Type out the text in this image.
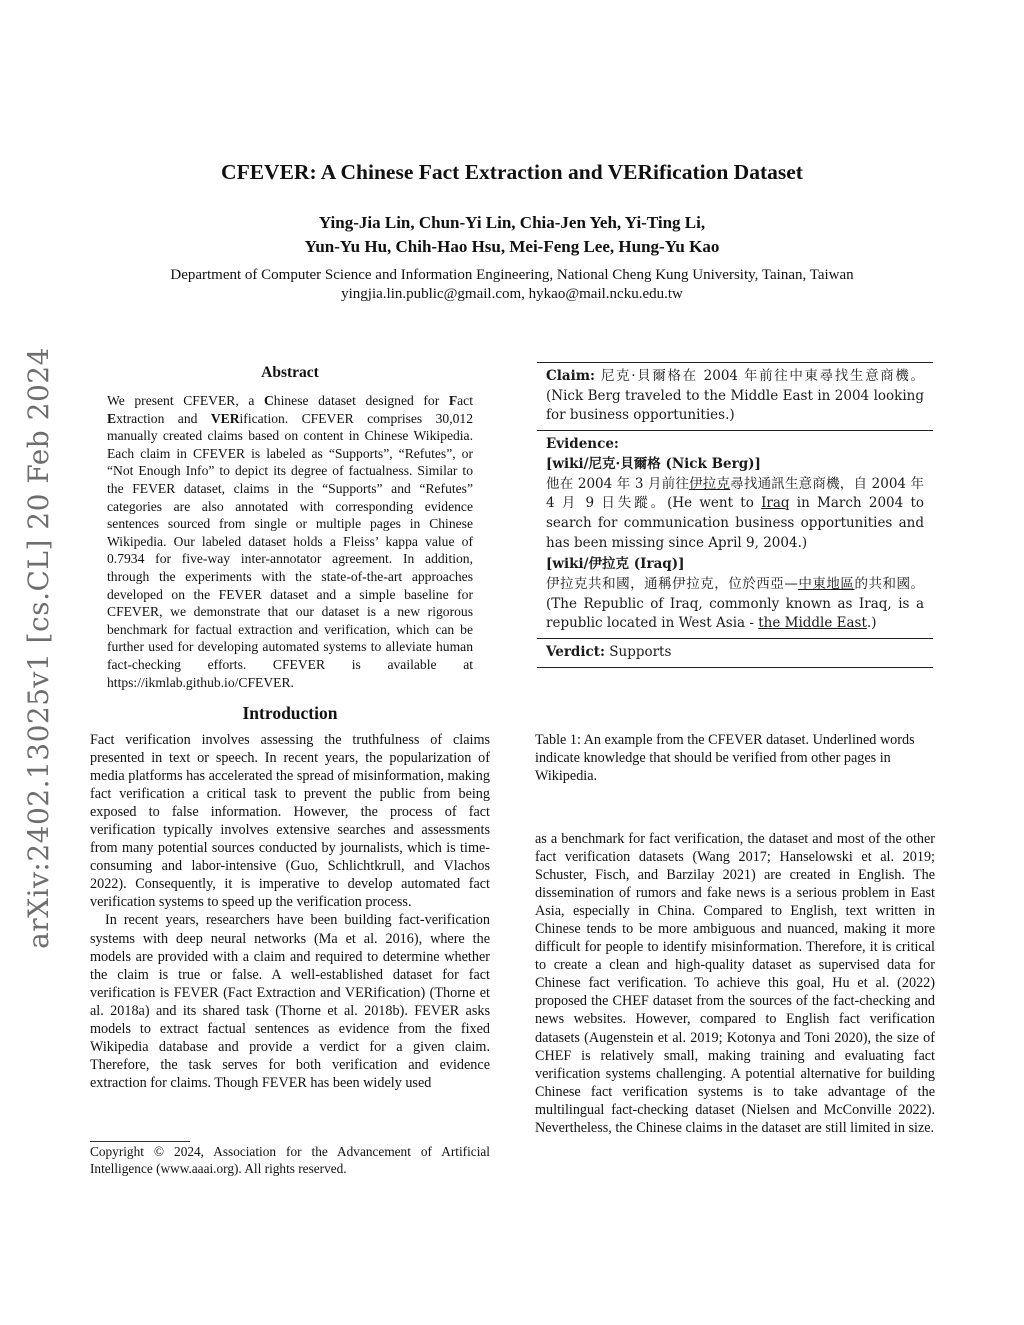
arXiv:2402.13025v1 [cs.CL] 20 Feb 2024
CFEVER: A Chinese Fact Extraction and VERification Dataset
Ying-Jia Lin, Chun-Yi Lin, Chia-Jen Yeh, Yi-Ting Li,
Yun-Yu Hu, Chih-Hao Hsu, Mei-Feng Lee, Hung-Yu Kao
Department of Computer Science and Information Engineering, National Cheng Kung University, Tainan, Taiwan
yingjia.lin.public@gmail.com, hykao@mail.ncku.edu.tw
Abstract
We present CFEVER, a Chinese dataset designed for Fact Extraction and VERification. CFEVER comprises 30,012 manually created claims based on content in Chinese Wikipedia. Each claim in CFEVER is labeled as “Supports”, “Refutes”, or “Not Enough Info” to depict its degree of factualness. Similar to the FEVER dataset, claims in the “Supports” and “Refutes” categories are also annotated with corresponding evidence sentences sourced from single or multiple pages in Chinese Wikipedia. Our labeled dataset holds a Fleiss’ kappa value of 0.7934 for five-way inter-annotator agreement. In addition, through the experiments with the state-of-the-art approaches developed on the FEVER dataset and a simple baseline for CFEVER, we demonstrate that our dataset is a new rigorous benchmark for factual extraction and verification, which can be further used for developing automated systems to alleviate human fact-checking efforts. CFEVER is available at https://ikmlab.github.io/CFEVER.
Introduction

Fact verification involves assessing the truthfulness of claims presented in text or speech. In recent years, the popularization of media platforms has accelerated the spread of misinformation, making fact verification a critical task to prevent the public from being exposed to false information. However, the process of fact verification typically involves extensive searches and assessments from many potential sources conducted by journalists, which is time-consuming and labor-intensive (Guo, Schlichtkrull, and Vlachos 2022). Consequently, it is imperative to develop automated fact verification systems to speed up the verification process.

In recent years, researchers have been building fact-verification systems with deep neural networks (Ma et al. 2016), where the models are provided with a claim and required to determine whether the claim is true or false. A well-established dataset for fact verification is FEVER (Fact Extraction and VERification) (Thorne et al. 2018a) and its shared task (Thorne et al. 2018b). FEVER asks models to extract factual sentences as evidence from the fixed Wikipedia database and provide a verdict for a given claim. Therefore, the task serves for both verification and evidence extraction for claims. Though FEVER has been widely used

Copyright © 2024, Association for the Advancement of Artificial Intelligence (www.aaai.org). All rights reserved.
Claim: 尼克·貝爾格在 2004 年前往中東尋找生意商機。(Nick Berg traveled to the Middle East in 2004 looking for business opportunities.)
Evidence:
[wiki/尼克·貝爾格 (Nick Berg)]
他在 2004 年 3 月前往伊拉克尋找通訊生意商機，自 2004 年 4 月 9 日失蹤。(He went to Iraq in March 2004 to search for communication business opportunities and has been missing since April 9, 2004.)
[wiki/伊拉克 (Iraq)]
伊拉克共和國，通稱伊拉克，位於西亞—中東地區的共和國。(The Republic of Iraq, commonly known as Iraq, is a republic located in West Asia - the Middle East.)
Verdict: Supports
Table 1: An example from the CFEVER dataset. Underlined words indicate knowledge that should be verified from other pages in Wikipedia.

as a benchmark for fact verification, the dataset and most of the other fact verification datasets (Wang 2017; Hanselowski et al. 2019; Schuster, Fisch, and Barzilay 2021) are created in English. The dissemination of rumors and fake news is a serious problem in East Asia, especially in China. Compared to English, text written in Chinese tends to be more ambiguous and nuanced, making it more difficult for people to identify misinformation. Therefore, it is critical to create a clean and high-quality dataset as supervised data for Chinese fact verification. To achieve this goal, Hu et al. (2022) proposed the CHEF dataset from the sources of the fact-checking and news websites. However, compared to English fact verification datasets (Augenstein et al. 2019; Kotonya and Toni 2020), the size of CHEF is relatively small, making training and evaluating fact verification systems challenging. A potential alternative for building Chinese fact verification systems is to take advantage of the multilingual fact-checking dataset (Nielsen and McConville 2022). Nevertheless, the Chinese claims in the dataset are still limited in size.
